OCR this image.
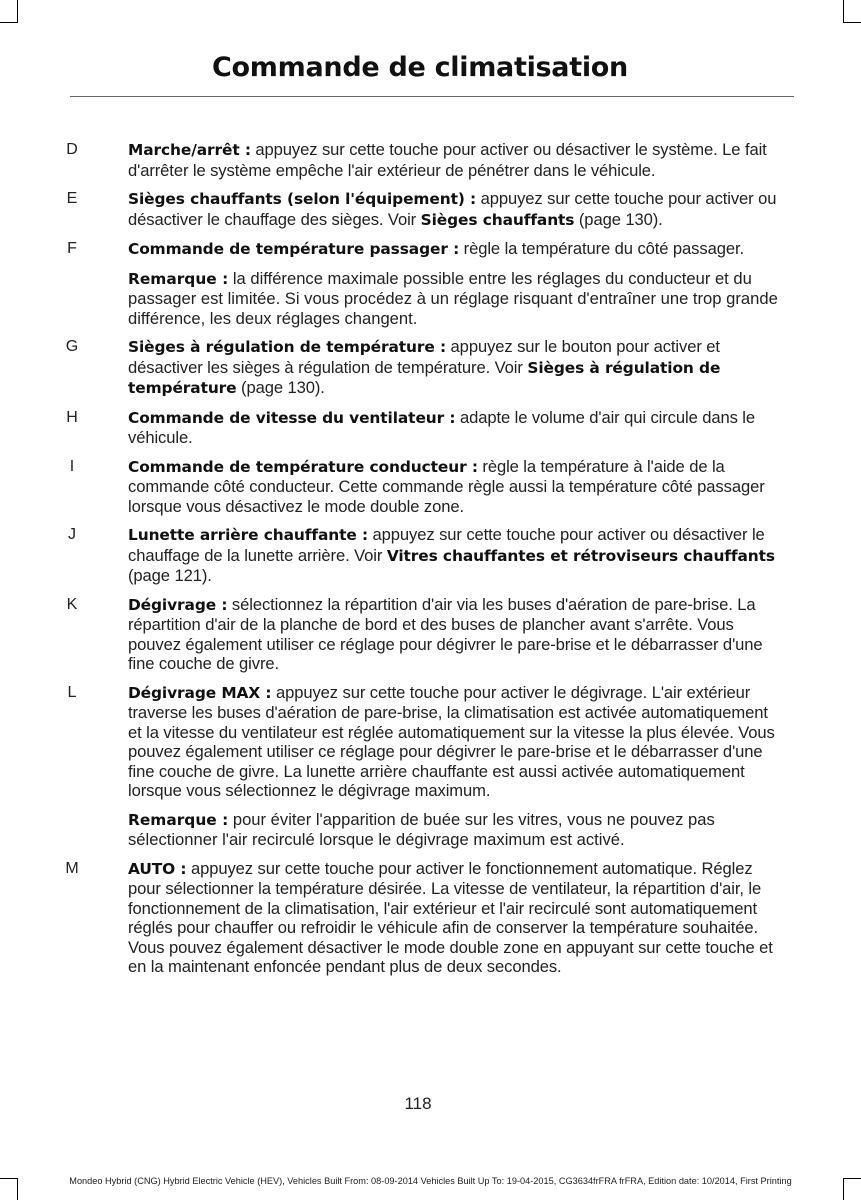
Commande de climatisation
D	Marche/arrêt : appuyez sur cette touche pour activer ou désactiver le système. Le fait d'arrêter le système empêche l'air extérieur de pénétrer dans le véhicule.
E	Sièges chauffants (selon l'équipement) : appuyez sur cette touche pour activer ou désactiver le chauffage des sièges. Voir Sièges chauffants (page 130).
F	Commande de température passager : règle la température du côté passager.
Remarque : la différence maximale possible entre les réglages du conducteur et du passager est limitée. Si vous procédez à un réglage risquant d'entraîner une trop grande différence, les deux réglages changent.
G	Sièges à régulation de température : appuyez sur le bouton pour activer et désactiver les sièges à régulation de température. Voir Sièges à régulation de température (page 130).
H	Commande de vitesse du ventilateur : adapte le volume d'air qui circule dans le véhicule.
I	Commande de température conducteur : règle la température à l'aide de la commande côté conducteur. Cette commande règle aussi la température côté passager lorsque vous désactivez le mode double zone.
J	Lunette arrière chauffante : appuyez sur cette touche pour activer ou désactiver le chauffage de la lunette arrière. Voir Vitres chauffantes et rétroviseurs chauffants (page 121).
K	Dégivrage : sélectionnez la répartition d'air via les buses d'aération de pare-brise. La répartition d'air de la planche de bord et des buses de plancher avant s'arrête. Vous pouvez également utiliser ce réglage pour dégivrer le pare-brise et le débarrasser d'une fine couche de givre.
L	Dégivrage MAX : appuyez sur cette touche pour activer le dégivrage. L'air extérieur traverse les buses d'aération de pare-brise, la climatisation est activée automatiquement et la vitesse du ventilateur est réglée automatiquement sur la vitesse la plus élevée. Vous pouvez également utiliser ce réglage pour dégivrer le pare-brise et le débarrasser d'une fine couche de givre. La lunette arrière chauffante est aussi activée automatiquement lorsque vous sélectionnez le dégivrage maximum.
Remarque : pour éviter l'apparition de buée sur les vitres, vous ne pouvez pas sélectionner l'air recirculé lorsque le dégivrage maximum est activé.
M	AUTO : appuyez sur cette touche pour activer le fonctionnement automatique. Réglez pour sélectionner la température désirée. La vitesse de ventilateur, la répartition d'air, le fonctionnement de la climatisation, l'air extérieur et l'air recirculé sont automatiquement réglés pour chauffer ou refroidir le véhicule afin de conserver la température souhaitée. Vous pouvez également désactiver le mode double zone en appuyant sur cette touche et en la maintenant enfoncée pendant plus de deux secondes.
118
Mondeo Hybrid (CNG) Hybrid Electric Vehicle (HEV), Vehicles Built From: 08-09-2014 Vehicles Built Up To: 19-04-2015, CG3634frFRA frFRA, Edition date: 10/2014, First Printing
